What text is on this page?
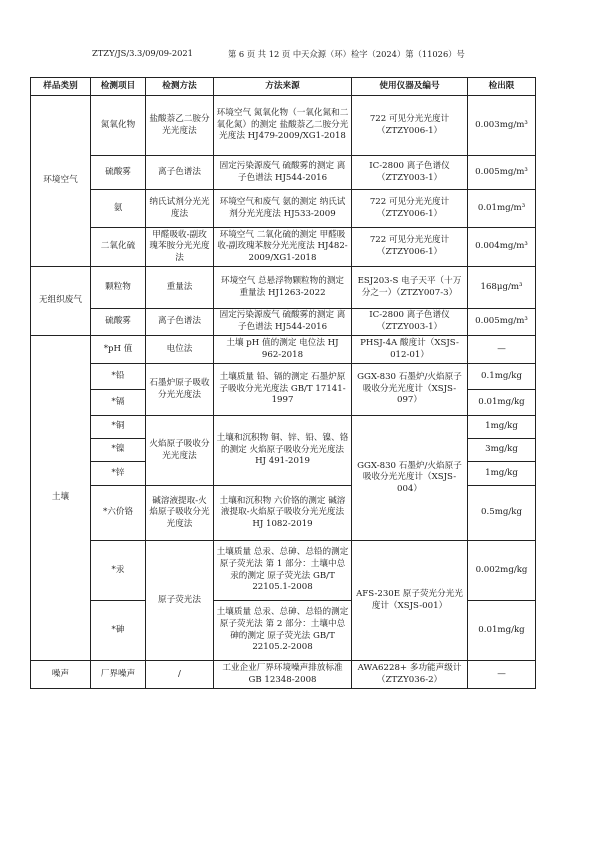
ZTZY/JS/3.3/09/09-2021	第 6 页 共 12 页 中天众源（环）检字（2024）第（11026）号
样品类别	检测项目	检测方法	方法来源	使用仪器及编号	检出限
环境空气	氮氧化物	盐酸萘乙二胺分光光度法	环境空气 氮氧化物（一氧化氮和二氧化氮）的测定 盐酸萘乙二胺分光光度法 HJ479-2009/XG1-2018	722 可见分光光度计（ZTZY006-1）	0.003mg/m³
	硫酸雾	离子色谱法	固定污染源废气 硫酸雾的测定 离子色谱法 HJ544-2016	IC-2800 离子色谱仪（ZTZY003-1）	0.005mg/m³
	氨	纳氏试剂分光光度法	环境空气和废气 氨的测定 纳氏试剂分光光度法 HJ533-2009	722 可见分光光度计（ZTZY006-1）	0.01mg/m³
	二氧化硫	甲醛吸收-副玫瑰苯胺分光光度法	环境空气 二氧化硫的测定 甲醛吸收-副玫瑰苯胺分光光度法 HJ482-2009/XG1-2018	722 可见分光光度计（ZTZY006-1）	0.004mg/m³
无组织废气	颗粒物	重量法	环境空气 总悬浮物颗粒物的测定 重量法 HJ1263-2022	ESJ203-S 电子天平（十万分之一）（ZTZY007-3）	168μg/m³
	硫酸雾	离子色谱法	固定污染源废气 硫酸雾的测定 离子色谱法 HJ544-2016	IC-2800 离子色谱仪（ZTZY003-1）	0.005mg/m³
土壤	*pH 值	电位法	土壤 pH 值的测定 电位法 HJ 962-2018	PHSJ-4A 酸度计（XSJS-012-01）	—
	*铅	石墨炉原子吸收分光光度法	土壤质量 铅、镉的测定 石墨炉原子吸收分光光度法 GB/T 17141-1997	GGX-830 石墨炉/火焰原子吸收分光光度计（XSJS-097）	0.1mg/kg
	*镉				0.01mg/kg
	*铜	火焰原子吸收分光光度法	土壤和沉积物 铜、锌、铅、镍、铬的测定 火焰原子吸收分光光度法 HJ 491-2019	GGX-830 石墨炉/火焰原子吸收分光光度计（XSJS-004）	1mg/kg
	*镍				3mg/kg
	*锌				1mg/kg
	*六价铬	碱溶液提取-火焰原子吸收分光光度法	土壤和沉积物 六价铬的测定 碱溶液提取-火焰原子吸收分光光度法 HJ 1082-2019		0.5mg/kg
	*汞	原子荧光法	土壤质量 总汞、总砷、总铅的测定 原子荧光法 第 1 部分：土壤中总汞的测定 原子荧光法 GB/T 22105.1-2008	AFS-230E 原子荧光分光光度计（XSJS-001）	0.002mg/kg
	*砷		土壤质量 总汞、总砷、总铅的测定 原子荧光法 第 2 部分：土壤中总砷的测定 原子荧光法 GB/T 22105.2-2008		0.01mg/kg
噪声	厂界噪声	/	工业企业厂界环境噪声排放标准 GB 12348-2008	AWA6228+ 多功能声级计（ZTZY036-2）	—
